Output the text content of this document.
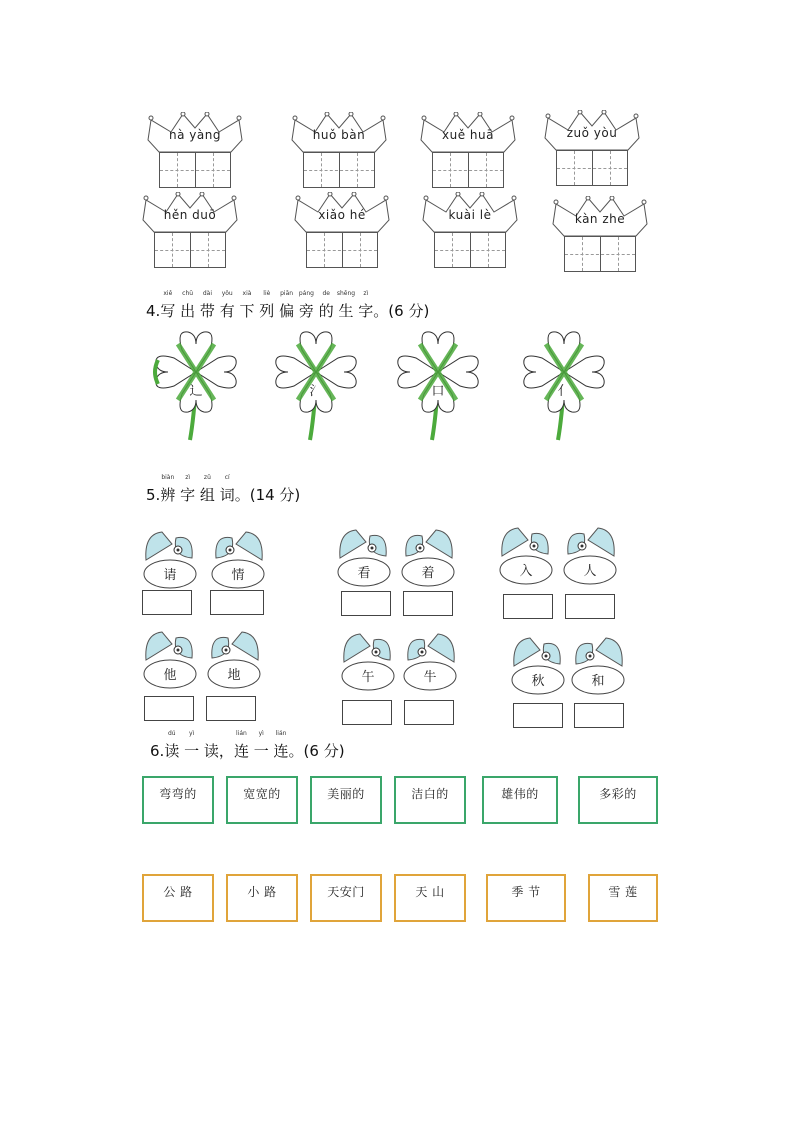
nà yàng	huǒ bàn	xuě huā	zuǒ yòu
hěn duō	xiǎo hé	kuài lè	kàn zhe
4.
xiě
写
chū
出
dài
带
yǒu
有
xià
下
liè
列
piān
偏
páng
旁
de
的
shēng
生
zì
字。(6 分)
辶	氵	口	亻
5.
biàn
辨
zì
字
zǔ
组
cí
词。(14 分)
请	情	看	着	入	人
他	地	午	牛	秋	和
6.
dú
读
yì
一 读，
lián
连
yì
一
lián
连。(6 分)
弯弯的	宽宽的	美丽的	洁白的	雄伟的	多彩的
公 路	小 路	天安门	天 山	季 节	雪 莲
